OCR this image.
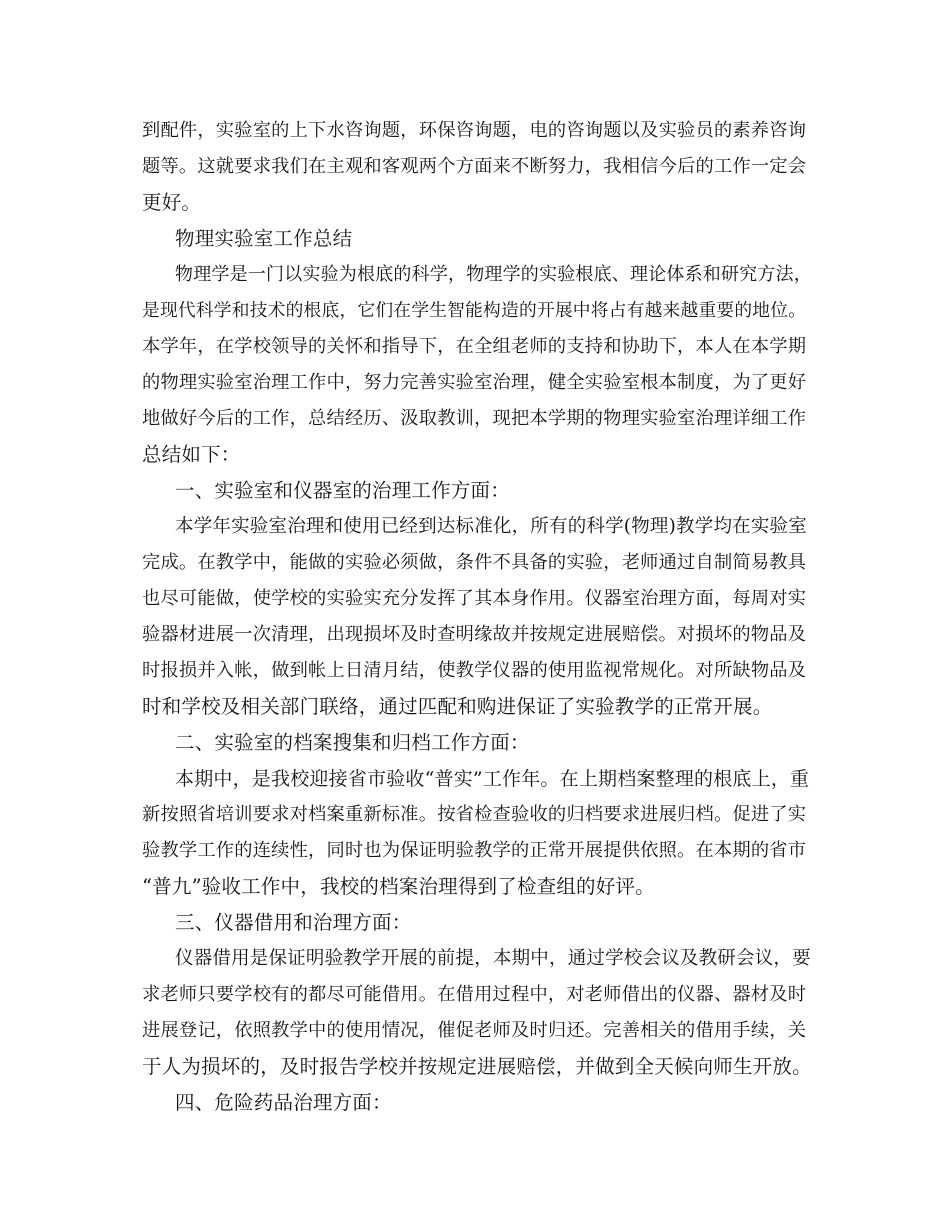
到配件，实验室的上下水咨询题，环保咨询题，电的咨询题以及实验员的素养咨询
题等。这就要求我们在主观和客观两个方面来不断努力，我相信今后的工作一定会
更好。
物理实验室工作总结
物理学是一门以实验为根底的科学，物理学的实验根底、理论体系和研究方法，
是现代科学和技术的根底，它们在学生智能构造的开展中将占有越来越重要的地位。
本学年，在学校领导的关怀和指导下，在全组老师的支持和协助下，本人在本学期
的物理实验室治理工作中，努力完善实验室治理，健全实验室根本制度，为了更好
地做好今后的工作，总结经历、汲取教训，现把本学期的物理实验室治理详细工作
总结如下：
一、实验室和仪器室的治理工作方面：
本学年实验室治理和使用已经到达标准化，所有的科学(物理)教学均在实验室
完成。在教学中，能做的实验必须做，条件不具备的实验，老师通过自制简易教具
也尽可能做，使学校的实验实充分发挥了其本身作用。仪器室治理方面，每周对实
验器材进展一次清理，出现损坏及时查明缘故并按规定进展赔偿。对损坏的物品及
时报损并入帐，做到帐上日清月结，使教学仪器的使用监视常规化。对所缺物品及
时和学校及相关部门联络，通过匹配和购进保证了实验教学的正常开展。
二、实验室的档案搜集和归档工作方面：
本期中，是我校迎接省市验收“普实”工作年。在上期档案整理的根底上，重
新按照省培训要求对档案重新标准。按省检查验收的归档要求进展归档。促进了实
验教学工作的连续性，同时也为保证明验教学的正常开展提供依照。在本期的省市
“普九”验收工作中，我校的档案治理得到了检查组的好评。
三、仪器借用和治理方面：
仪器借用是保证明验教学开展的前提，本期中，通过学校会议及教研会议，要
求老师只要学校有的都尽可能借用。在借用过程中，对老师借出的仪器、器材及时
进展登记，依照教学中的使用情况，催促老师及时归还。完善相关的借用手续，关
于人为损坏的，及时报告学校并按规定进展赔偿，并做到全天候向师生开放。
四、危险药品治理方面：
